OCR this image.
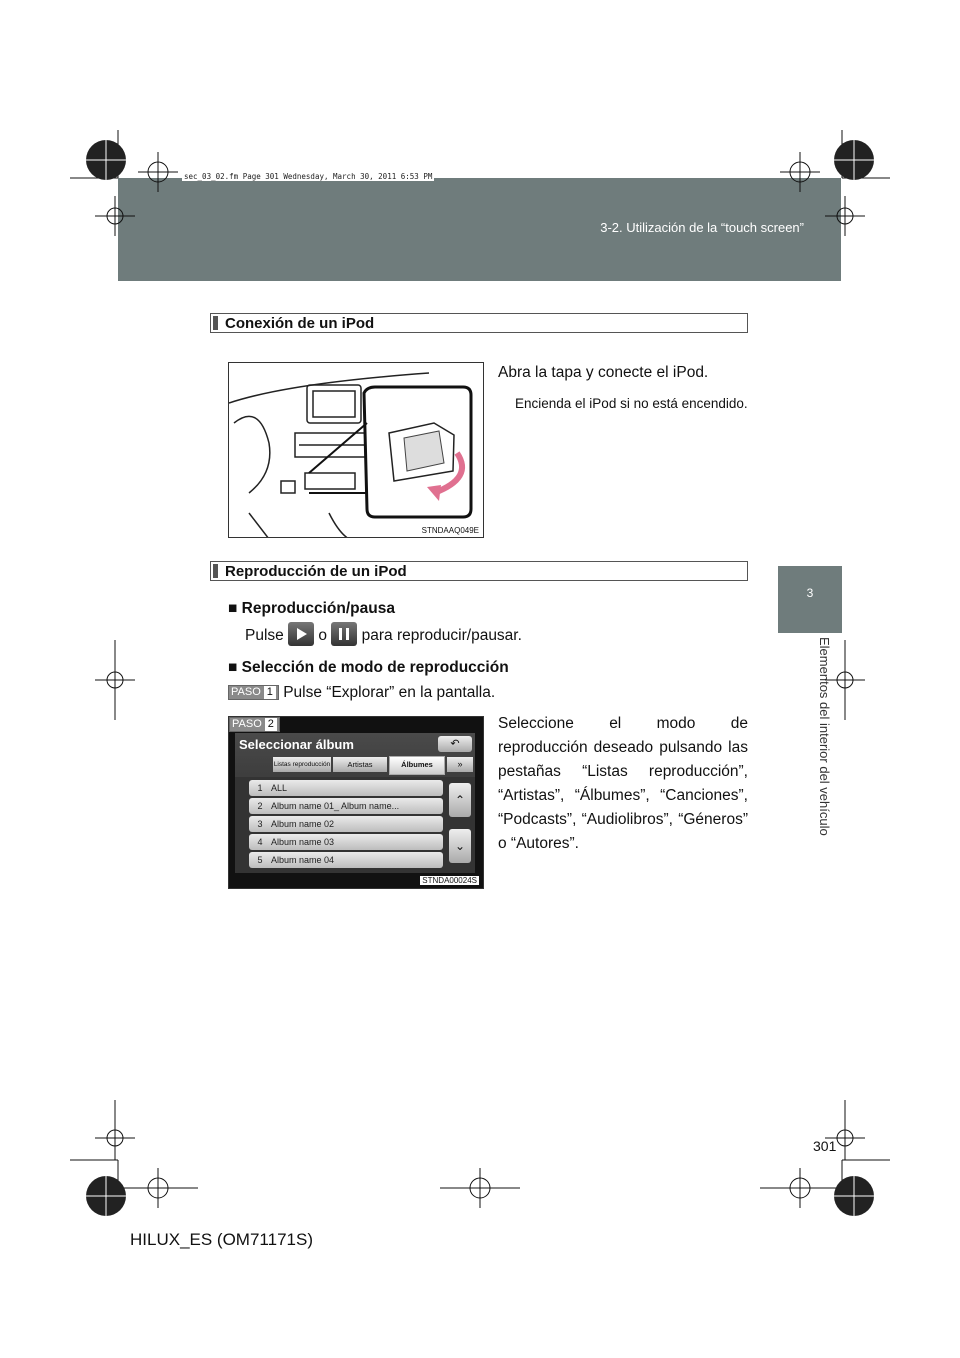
3-2. Utilización de la “touch screen”
sec_03_02.fm Page 301 Wednesday, March 30, 2011 6:53 PM
3
Elementos del interior del vehículo
Conexión de un iPod
STNDAAQ049E
Abra la tapa y conecte el iPod.
Encienda el iPod si no está encendido.
Reproducción de un iPod
■ Reproducción/pausa
Pulse o para reproducir/pausar.
■ Selección de modo de reproducción
PASO 1 Pulse “Explorar” en la pantalla.
PASO 2
Seleccionar álbum	↶
Listas reproducción	Artistas	Álbumes	»
1 ALL
2 Album name 01_ Album name...
3 Album name 02
4 Album name 03
5 Album name 04
⌃
⌄
STNDA00024S
Seleccione el modo de reproducción deseado pulsando las pestañas “Listas reproducción”, “Artistas”, “Álbumes”, “Canciones”, “Podcasts”, “Audiolibros”, “Géneros” o “Autores”.
301
HILUX_ES (OM71171S)
